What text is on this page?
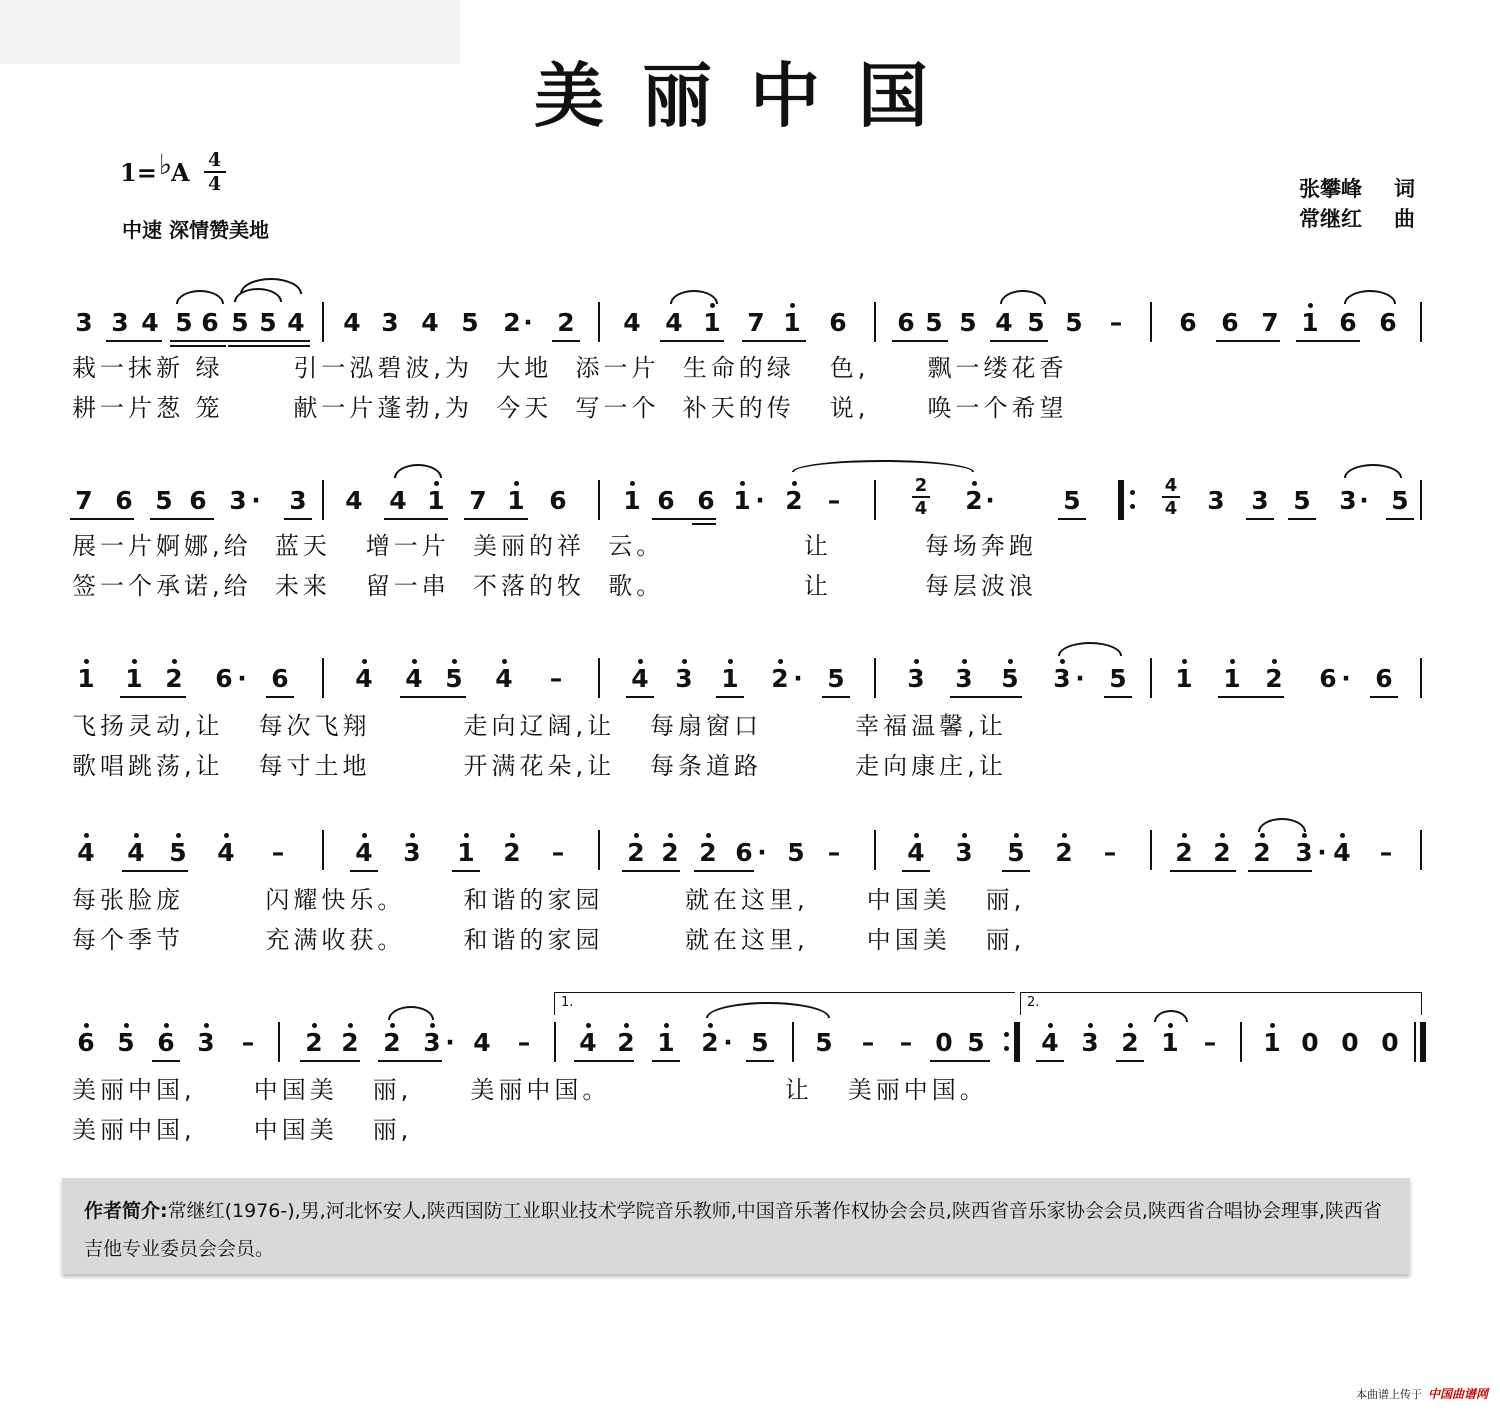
美丽中国
1= ♭ A $\frac{4}{4}$
中速 深情赞美地
张攀峰 词
常继红 曲
3 3 4 5 6 5 5 4 4 3 4 5 2 · 2 4 4 1 7 1 6 6 5 5 4 5 5 – 6 6 7 1 6 6
栽一抹新 绿      引一泓碧波,为  大地  添一片  生命的绿   色,     飘一缕花香
耕一片葱 笼      献一片蓬勃,为  今天  写一个  补天的传   说,     唤一个希望
7 6 5 6 3 · 3 4 4 1 7 1 6 1 6 6 1 · 2 –
2
4 2 ·	5
4
4 3 3 5 3 · 5
展一片婀娜,给  蓝天   增一片  美丽的祥  云。            让        每场奔跑
签一个承诺,给  未来   留一串  不落的牧  歌。            让        每层波浪
1 1 2 6 · 6	4 4 5 4 –	4 3 1 2 · 5	3 3 5 3 · 5 1 1 2 6 · 6
飞扬灵动,让   每次飞翔        走向辽阔,让   每扇窗口        幸福温馨,让
歌唱跳荡,让   每寸土地        开满花朵,让   每条道路        走向康庄,让
4 4 5 4 –	4 3 1 2 –	2 2 2 6 · 5 –	4 3 5 2 – 2 2 2 3 · 4 –
每张脸庞       闪耀快乐。     和谐的家园       就在这里,     中国美   丽,
每个季节       充满收获。     和谐的家园       就在这里,     中国美   丽,
1.	2.
6 5 6 3 – 2 2 2 3 · 4 – 4 2 1 2 · 5 5 – – 0 5 4 3 2 1 – 1 0 0 0
美丽中国,     中国美   丽,     美丽中国。               让   美丽中国。
美丽中国,     中国美   丽,
作者简介:常继红(1976-),男,河北怀安人,陕西国防工业职业技术学院音乐教师,中国音乐著作权协会会员,陕西省音乐家协会会员,陕西省合唱协会理事,陕西省吉他专业委员会会员。
本曲谱上传于 中国曲谱网
